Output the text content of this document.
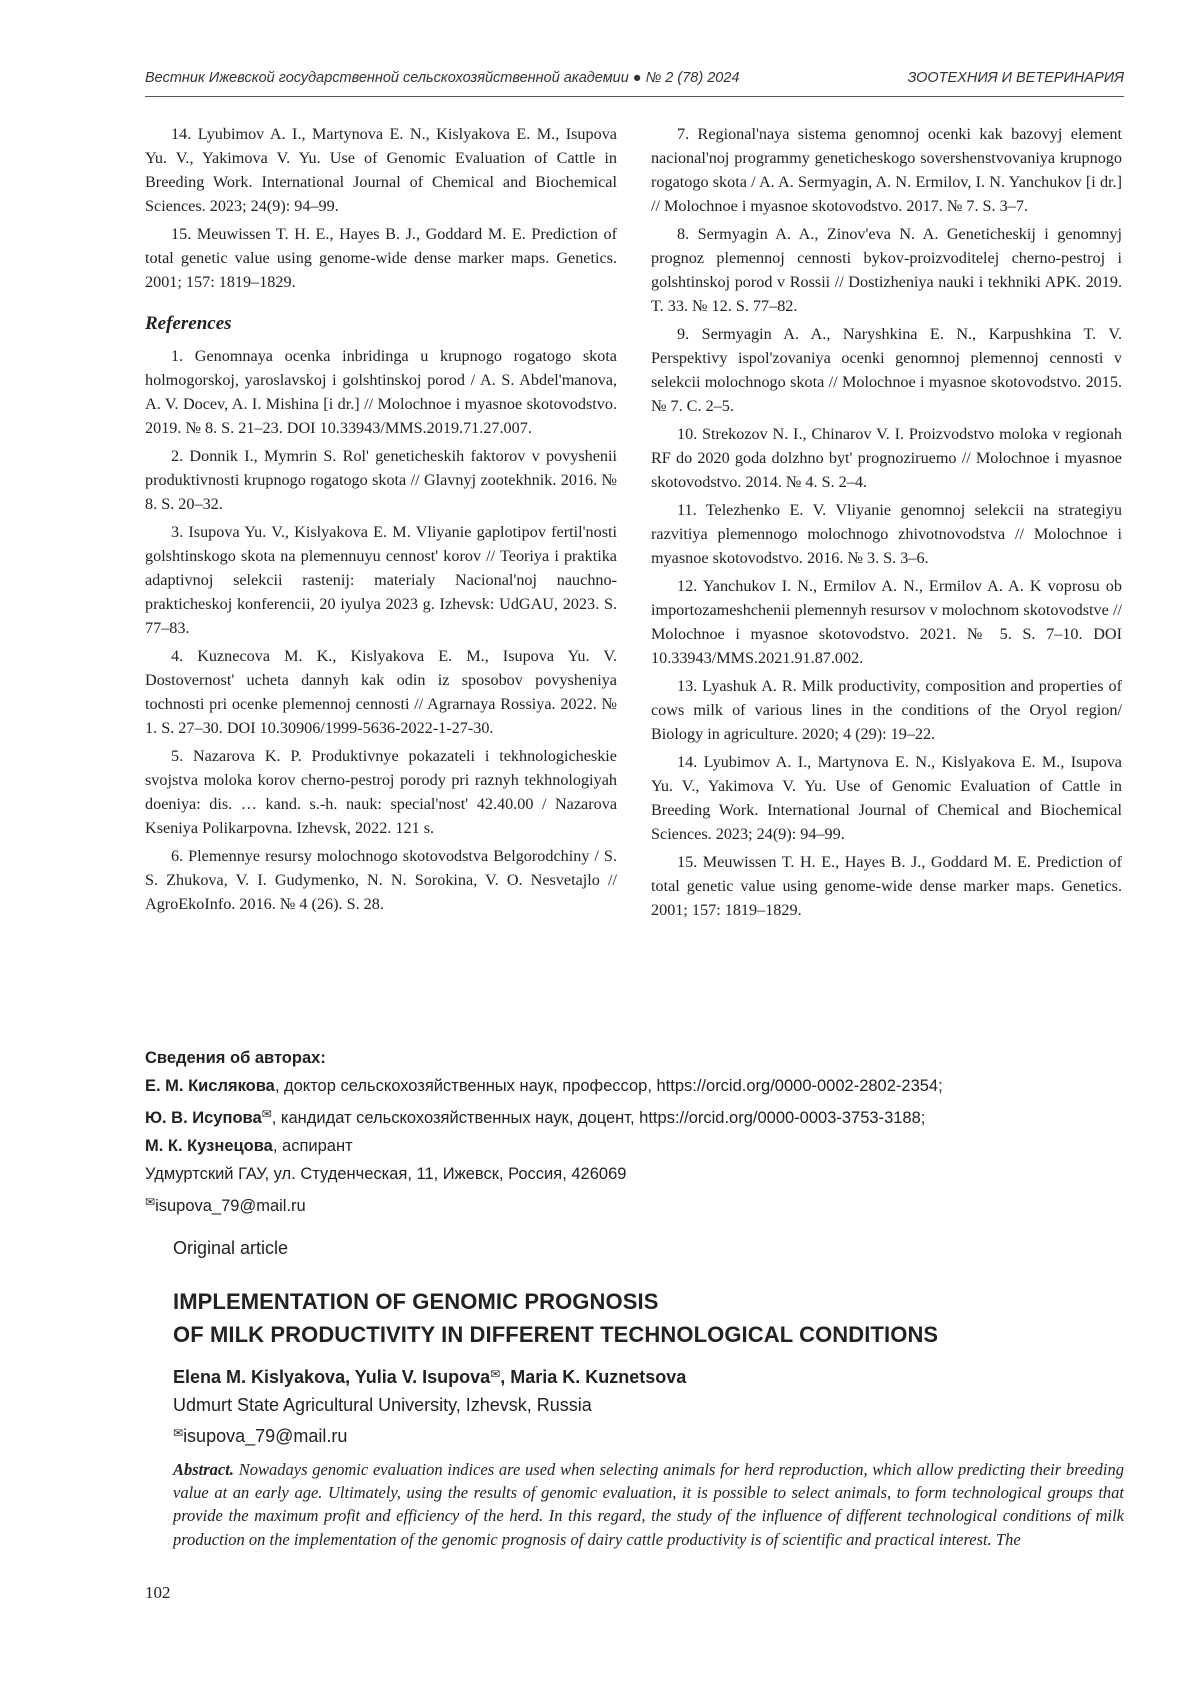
Вестник Ижевской государственной сельскохозяйственной академии ● № 2 (78) 2024	ЗООТЕХНИЯ И ВЕТЕРИНАРИЯ

14. Lyubimov A. I., Martynova E. N., Kislyakova E. M., Isupova Yu. V., Yakimova V. Yu. Use of Genomic Evaluation of Cattle in Breeding Work. International Journal of Chemical and Biochemical Sciences. 2023; 24(9): 94–99.

15. Meuwissen T. H. E., Hayes B. J., Goddard M. E. Prediction of total genetic value using genome-wide dense marker maps. Genetics. 2001; 157: 1819–1829.

References

1. Genomnaya ocenka inbridinga u krupnogo rogatogo skota holmogorskoj, yaroslavskoj i golshtinskoj porod / A. S. Abdel'manova, A. V. Docev, A. I. Mishina [i dr.] // Molochnoe i myasnoe skotovodstvo. 2019. № 8. S. 21–23. DOI 10.33943/MMS.2019.71.27.007.

2. Donnik I., Mymrin S. Rol' geneticheskih faktorov v povyshenii produktivnosti krupnogo rogatogo skota // Glavnyj zootekhnik. 2016. № 8. S. 20–32.

3. Isupova Yu. V., Kislyakova E. M. Vliyanie gaplotipov fertil'nosti golshtinskogo skota na plemennuyu cennost' korov // Teoriya i praktika adaptivnoj selekcii rastenij: materialy Nacional'noj nauchno-prakticheskoj konferencii, 20 iyulya 2023 g. Izhevsk: UdGAU, 2023. S. 77–83.

4. Kuznecova M. K., Kislyakova E. M., Isupova Yu. V. Dostovernost' ucheta dannyh kak odin iz sposobov povysheniya tochnosti pri ocenke plemennoj cennosti // Agrarnaya Rossiya. 2022. № 1. S. 27–30. DOI 10.30906/1999-5636-2022-1-27-30.

5. Nazarova K. P. Produktivnye pokazateli i tekhnologicheskie svojstva moloka korov cherno-pestroj porody pri raznyh tekhnologiyah doeniya: dis. … kand. s.-h. nauk: special'nost' 42.40.00 / Nazarova Kseniya Polikarpovna. Izhevsk, 2022. 121 s.

6. Plemennye resursy molochnogo skotovodstva Belgorodchiny / S. S. Zhukova, V. I. Gudymenko, N. N. Sorokina, V. O. Nesvetajlo // AgroEkoInfo. 2016. № 4 (26). S. 28.

7. Regional'naya sistema genomnoj ocenki kak bazovyj element nacional'noj programmy geneticheskogo sovershenstvovaniya krupnogo rogatogo skota / A. A. Sermyagin, A. N. Ermilov, I. N. Yanchukov [i dr.] // Molochnoe i myasnoe skotovodstvo. 2017. № 7. S. 3–7.

8. Sermyagin A. A., Zinov'eva N. A. Geneticheskij i genomnyj prognoz plemennoj cennosti bykov-proizvoditelej cherno-pestroj i golshtinskoj porod v Rossii // Dostizheniya nauki i tekhniki APK. 2019. T. 33. № 12. S. 77–82.

9. Sermyagin A. A., Naryshkina E. N., Karpushkina T. V. Perspektivy ispol'zovaniya ocenki genomnoj plemennoj cennosti v selekcii molochnogo skota // Molochnoe i myasnoe skotovodstvo. 2015. № 7. C. 2–5.

10. Strekozov N. I., Chinarov V. I. Proizvodstvo moloka v regionah RF do 2020 goda dolzhno byt' prognoziruemo // Molochnoe i myasnoe skotovodstvo. 2014. № 4. S. 2–4.

11. Telezhenko E. V. Vliyanie genomnoj selekcii na strategiyu razvitiya plemennogo molochnogo zhivotnovodstva // Molochnoe i myasnoe skotovodstvo. 2016. № 3. S. 3–6.

12. Yanchukov I. N., Ermilov A. N., Ermilov A. A. K voprosu ob importozameshchenii plemennyh resursov v molochnom skotovodstve // Molochnoe i myasnoe skotovodstvo. 2021. № 5. S. 7–10. DOI 10.33943/MMS.2021.91.87.002.

13. Lyashuk A. R. Milk productivity, composition and properties of cows milk of various lines in the conditions of the Oryol region/ Biology in agriculture. 2020; 4 (29): 19–22.

14. Lyubimov A. I., Martynova E. N., Kislyakova E. M., Isupova Yu. V., Yakimova V. Yu. Use of Genomic Evaluation of Cattle in Breeding Work. International Journal of Chemical and Biochemical Sciences. 2023; 24(9): 94–99.

15. Meuwissen T. H. E., Hayes B. J., Goddard M. E. Prediction of total genetic value using genome-wide dense marker maps. Genetics. 2001; 157: 1819–1829.

Сведения об авторах:
Е. М. Кислякова, доктор сельскохозяйственных наук, профессор, https://orcid.org/0000-0002-2802-2354;
Ю. В. Исупова✉, кандидат сельскохозяйственных наук, доцент, https://orcid.org/0000-0003-3753-3188;
М. К. Кузнецова, аспирант
Удмуртский ГАУ, ул. Студенческая, 11, Ижевск, Россия, 426069
✉isupova_79@mail.ru
Original article
IMPLEMENTATION OF GENOMIC PROGNOSIS
OF MILK PRODUCTIVITY IN DIFFERENT TECHNOLOGICAL CONDITIONS
Elena M. Kislyakova, Yulia V. Isupova✉, Maria K. Kuznetsova
Udmurt State Agricultural University, Izhevsk, Russia
✉isupova_79@mail.ru
Abstract. Nowadays genomic evaluation indices are used when selecting animals for herd reproduction, which allow predicting their breeding value at an early age. Ultimately, using the results of genomic evaluation, it is possible to select animals, to form technological groups that provide the maximum profit and efficiency of the herd. In this regard, the study of the influence of different technological conditions of milk production on the implementation of the genomic prognosis of dairy cattle productivity is of scientific and practical interest. The
102
